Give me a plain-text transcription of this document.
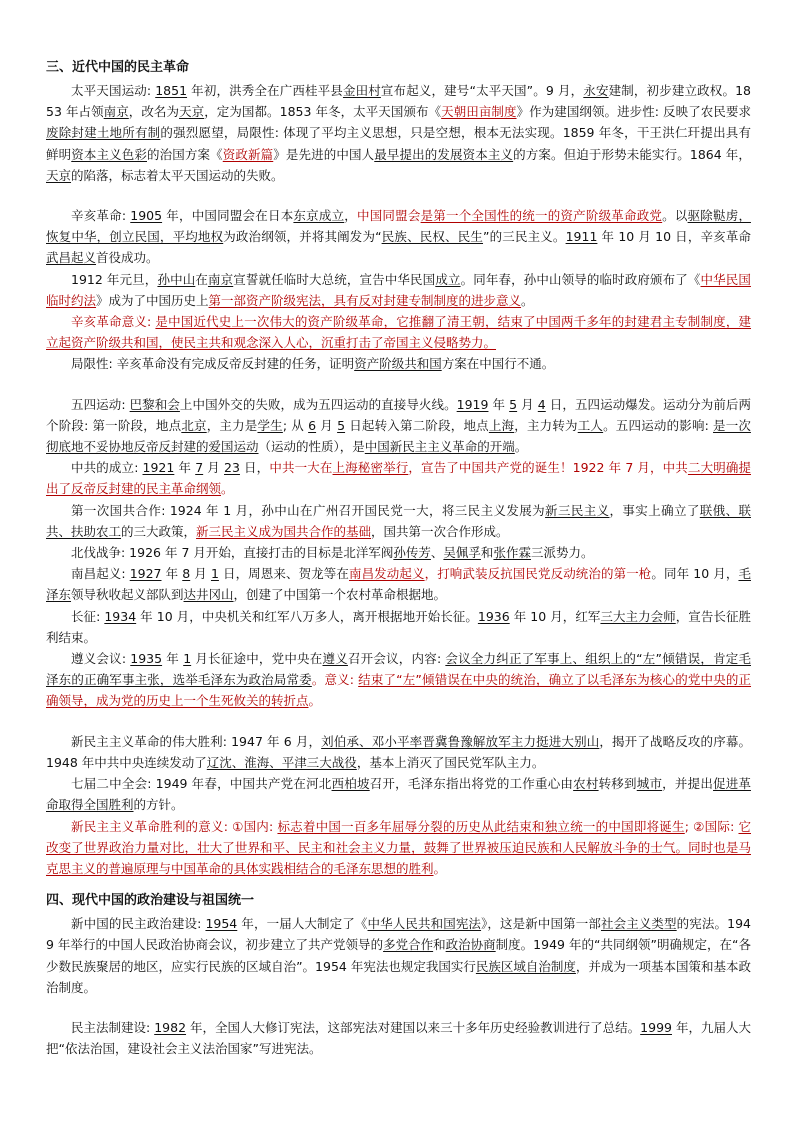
三、近代中国的民主革命

太平天国运动: 1851 年初，洪秀全在广西桂平县金田村宣布起义，建号“太平天国”。9 月，永安建制，初步建立政权。1853 年占领南京，改名为天京，定为国都。1853 年冬，太平天国颁布《天朝田亩制度》作为建国纲领。进步性: 反映了农民要求废除封建土地所有制的强烈愿望，局限性: 体现了平均主义思想，只是空想，根本无法实现。1859 年冬，干王洪仁玕提出具有鲜明资本主义色彩的治国方案《资政新篇》是先进的中国人最早提出的发展资本主义的方案。但迫于形势未能实行。1864 年，天京的陷落，标志着太平天国运动的失败。

辛亥革命: 1905 年，中国同盟会在日本东京成立，中国同盟会是第一个全国性的统一的资产阶级革命政党。以驱除鞑虏，恢复中华，创立民国，平均地权为政治纲领，并将其阐发为“民族、民权、民生”的三民主义。1911 年 10 月 10 日，辛亥革命武昌起义首役成功。

1912 年元旦，孙中山在南京宣誓就任临时大总统，宣告中华民国成立。同年春，孙中山领导的临时政府颁布了《中华民国临时约法》成为了中国历史上第一部资产阶级宪法，具有反对封建专制制度的进步意义。

辛亥革命意义: 是中国近代史上一次伟大的资产阶级革命，它推翻了清王朝，结束了中国两千多年的封建君主专制制度，建立起资产阶级共和国，使民主共和观念深入人心，沉重打击了帝国主义侵略势力。

局限性: 辛亥革命没有完成反帝反封建的任务，证明资产阶级共和国方案在中国行不通。

五四运动: 巴黎和会上中国外交的失败，成为五四运动的直接导火线。1919 年 5 月 4 日，五四运动爆发。运动分为前后两个阶段: 第一阶段，地点北京，主力是学生; 从 6 月 5 日起转入第二阶段，地点上海，主力转为工人。五四运动的影响: 是一次彻底地不妥协地反帝反封建的爱国运动（运动的性质），是中国新民主主义革命的开端。

中共的成立: 1921 年 7 月 23 日，中共一大在上海秘密举行，宣告了中国共产党的诞生！1922 年 7 月，中共二大明确提出了反帝反封建的民主革命纲领。

第一次国共合作: 1924 年 1 月，孙中山在广州召开国民党一大，将三民主义发展为新三民主义，事实上确立了联俄、联共、扶助农工的三大政策，新三民主义成为国共合作的基础，国共第一次合作形成。

北伐战争: 1926 年 7 月开始，直接打击的目标是北洋军阀孙传芳、吴佩孚和张作霖三派势力。

南昌起义: 1927 年 8 月 1 日，周恩来、贺龙等在南昌发动起义，打响武装反抗国民党反动统治的第一枪。同年 10 月，毛泽东领导秋收起义部队到达井冈山，创建了中国第一个农村革命根据地。

长征: 1934 年 10 月，中央机关和红军八万多人，离开根据地开始长征。1936 年 10 月，红军三大主力会师，宣告长征胜利结束。

遵义会议: 1935 年 1 月长征途中，党中央在遵义召开会议，内容: 会议全力纠正了军事上、组织上的“左”倾错误，肯定毛泽东的正确军事主张，选举毛泽东为政治局常委。意义: 结束了“左”倾错误在中央的统治，确立了以毛泽东为核心的党中央的正确领导，成为党的历史上一个生死攸关的转折点。

新民主主义革命的伟大胜利: 1947 年 6 月，刘伯承、邓小平率晋冀鲁豫解放军主力挺进大别山，揭开了战略反攻的序幕。1948 年中共中央连续发动了辽沈、淮海、平津三大战役，基本上消灭了国民党军队主力。

七届二中全会: 1949 年春，中国共产党在河北西柏坡召开，毛泽东指出将党的工作重心由农村转移到城市，并提出促进革命取得全国胜利的方针。

新民主主义革命胜利的意义: ①国内: 标志着中国一百多年屈辱分裂的历史从此结束和独立统一的中国即将诞生; ②国际: 它改变了世界政治力量对比，壮大了世界和平、民主和社会主义力量，鼓舞了世界被压迫民族和人民解放斗争的士气。同时也是马克思主义的普遍原理与中国革命的具体实践相结合的毛泽东思想的胜利。

四、现代中国的政治建设与祖国统一

新中国的民主政治建设: 1954 年，一届人大制定了《中华人民共和国宪法》，这是新中国第一部社会主义类型的宪法。1949 年举行的中国人民政治协商会议，初步建立了共产党领导的多党合作和政治协商制度。1949 年的“共同纲领”明确规定，在“各少数民族聚居的地区，应实行民族的区域自治”。1954 年宪法也规定我国实行民族区域自治制度，并成为一项基本国策和基本政治制度。

民主法制建设: 1982 年，全国人大修订宪法，这部宪法对建国以来三十多年历史经验教训进行了总结。1999 年，九届人大把“依法治国，建设社会主义法治国家”写进宪法。
